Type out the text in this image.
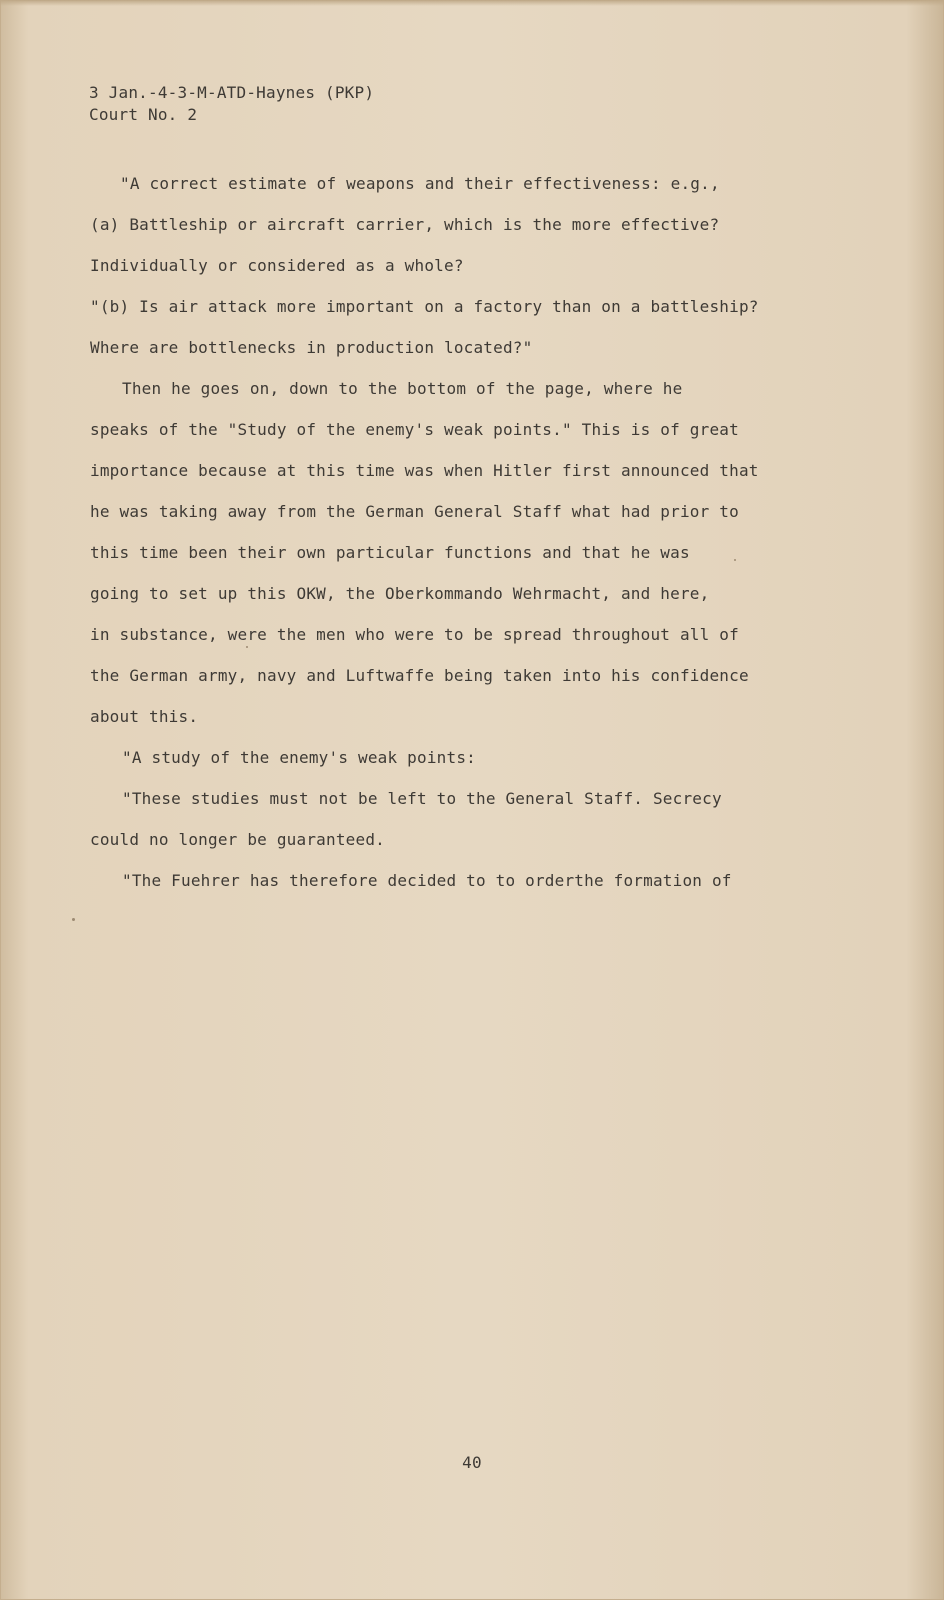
3 Jan.-4-3-M-ATD-Haynes (PKP)
Court No. 2
"A correct estimate of weapons and their effectiveness: e.g.,
(a) Battleship or aircraft carrier, which is the more effective?
Individually or considered as a whole?
"(b) Is air attack more important on a factory than on a battleship?
Where are bottlenecks in production located?"
Then he goes on, down to the bottom of the page, where he
speaks of the "Study of the enemy's weak points." This is of great
importance because at this time was when Hitler first announced that
he was taking away from the German General Staff what had prior to
this time been their own particular functions and that he was
going to set up this OKW, the Oberkommando Wehrmacht, and here,
in substance, were the men who were to be spread throughout all of
the German army, navy and Luftwaffe being taken into his confidence
about this.
"A study of the enemy's weak points:
"These studies must not be left to the General Staff. Secrecy
could no longer be guaranteed.
"The Fuehrer has therefore decided to to orderthe formation of
40
